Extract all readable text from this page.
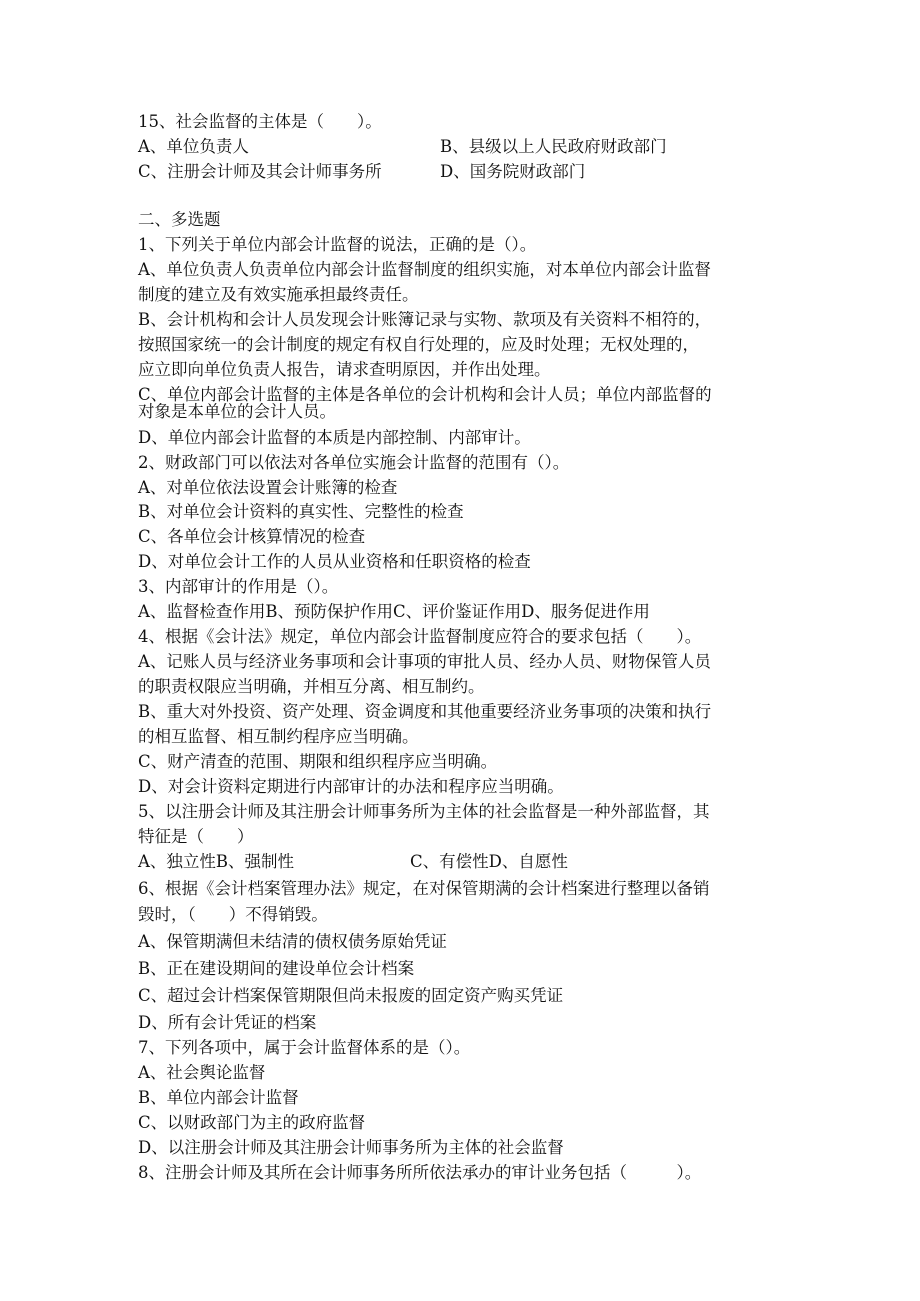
15、社会监督的主体是（　　）。
A、单位负责人	B、县级以上人民政府财政部门
C、注册会计师及其会计师事务所	D、国务院财政部门
二、多选题
1、下列关于单位内部会计监督的说法，正确的是（）。
A、单位负责人负责单位内部会计监督制度的组织实施，对本单位内部会计监督
制度的建立及有效实施承担最终责任。
B、会计机构和会计人员发现会计账簿记录与实物、款项及有关资料不相符的，
按照国家统一的会计制度的规定有权自行处理的，应及时处理；无权处理的，
应立即向单位负责人报告，请求查明原因，并作出处理。
C、单位内部会计监督的主体是各单位的会计机构和会计人员；单位内部监督的
对象是本单位的会计人员。
D、单位内部会计监督的本质是内部控制、内部审计。
2、财政部门可以依法对各单位实施会计监督的范围有（）。
A、对单位依法设置会计账簿的检查
B、对单位会计资料的真实性、完整性的检查
C、各单位会计核算情况的检查
D、对单位会计工作的人员从业资格和任职资格的检查
3、内部审计的作用是（）。
A、监督检查作用B、预防保护作用C、评价鉴证作用D、服务促进作用
4、根据《会计法》规定，单位内部会计监督制度应符合的要求包括（　　）。
A、记账人员与经济业务事项和会计事项的审批人员、经办人员、财物保管人员
的职责权限应当明确，并相互分离、相互制约。
B、重大对外投资、资产处理、资金调度和其他重要经济业务事项的决策和执行
的相互监督、相互制约程序应当明确。
C、财产清查的范围、期限和组织程序应当明确。
D、对会计资料定期进行内部审计的办法和程序应当明确。
5、以注册会计师及其注册会计师事务所为主体的社会监督是一种外部监督，其
特征是（　　）
A、独立性B、强制性	C、有偿性D、自愿性
6、根据《会计档案管理办法》规定，在对保管期满的会计档案进行整理以备销
毁时，（　　）不得销毁。
A、保管期满但未结清的债权债务原始凭证
B、正在建设期间的建设单位会计档案
C、超过会计档案保管期限但尚未报废的固定资产购买凭证
D、所有会计凭证的档案
7、下列各项中，属于会计监督体系的是（）。
A、社会舆论监督
B、单位内部会计监督
C、以财政部门为主的政府监督
D、以注册会计师及其注册会计师事务所为主体的社会监督
8、注册会计师及其所在会计师事务所所依法承办的审计业务包括（　　　）。
